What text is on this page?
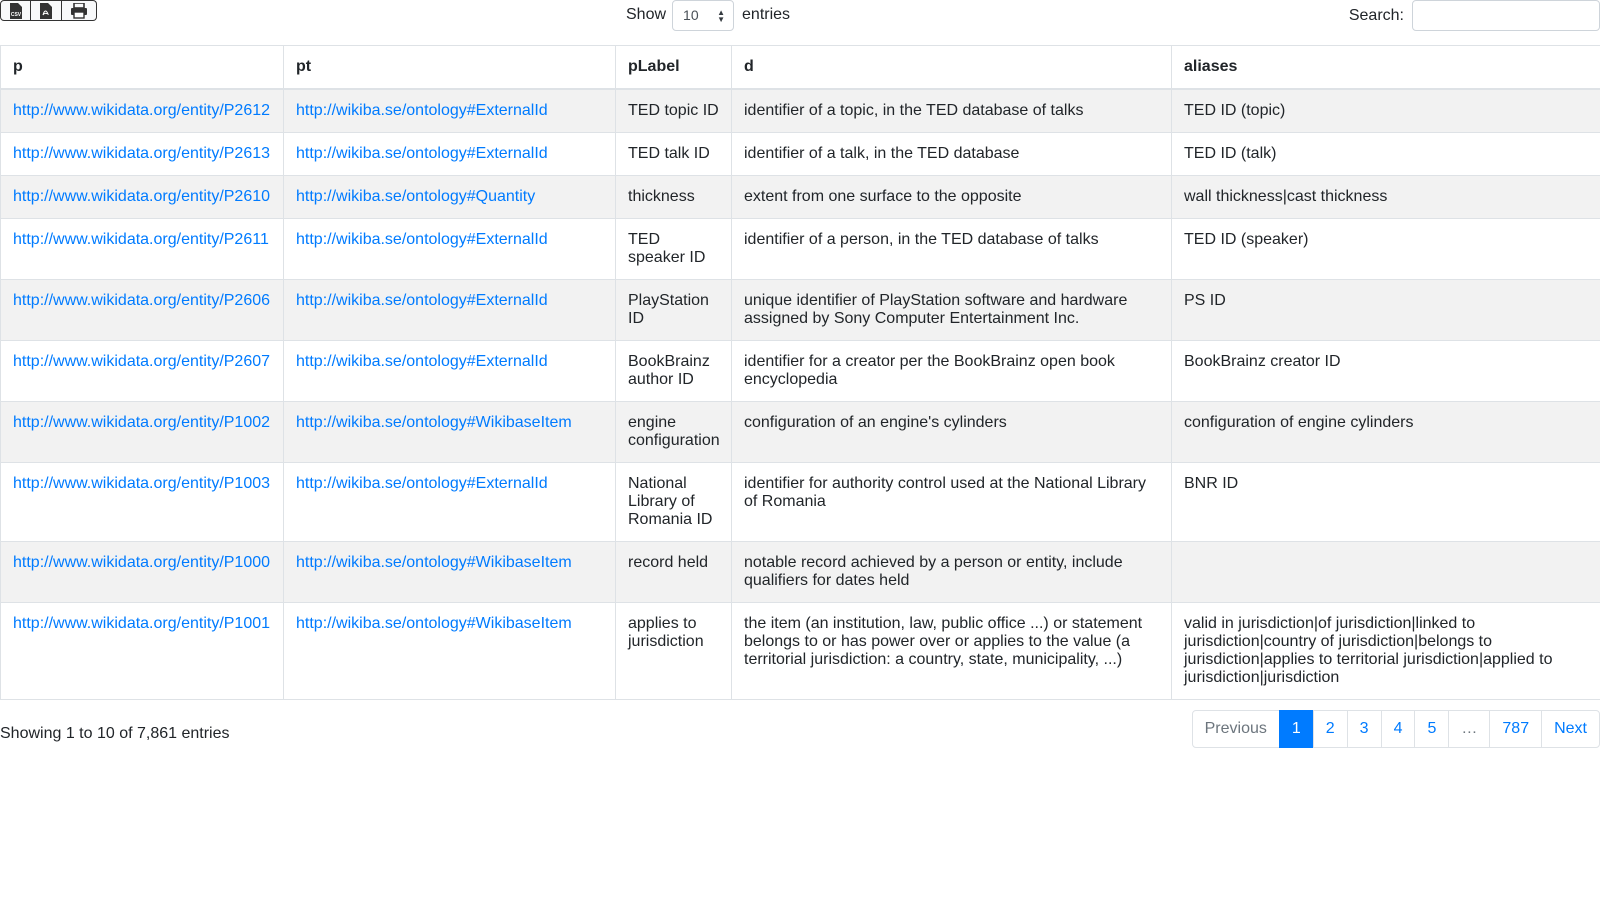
CSV	Show 10 ▲
▼ entries	Search:
p	pt	pLabel	d	aliases
http://www.wikidata.org/entity/P2612	http://wikiba.se/ontology#ExternalId	TED topic ID	identifier of a topic, in the TED database of talks	TED ID (topic)
http://www.wikidata.org/entity/P2613	http://wikiba.se/ontology#ExternalId	TED talk ID	identifier of a talk, in the TED database	TED ID (talk)
http://www.wikidata.org/entity/P2610	http://wikiba.se/ontology#Quantity	thickness	extent from one surface to the opposite	wall thickness|cast thickness
http://www.wikidata.org/entity/P2611	http://wikiba.se/ontology#ExternalId	TED speaker ID	identifier of a person, in the TED database of talks	TED ID (speaker)
http://www.wikidata.org/entity/P2606	http://wikiba.se/ontology#ExternalId	PlayStation ID	unique identifier of PlayStation software and hardware assigned by Sony Computer Entertainment Inc.	PS ID
http://www.wikidata.org/entity/P2607	http://wikiba.se/ontology#ExternalId	BookBrainz author ID	identifier for a creator per the BookBrainz open book encyclopedia	BookBrainz creator ID
http://www.wikidata.org/entity/P1002	http://wikiba.se/ontology#WikibaseItem	engine configuration	configuration of an engine's cylinders	configuration of engine cylinders
http://www.wikidata.org/entity/P1003	http://wikiba.se/ontology#ExternalId	National Library of Romania ID	identifier for authority control used at the National Library of Romania	BNR ID
http://www.wikidata.org/entity/P1000	http://wikiba.se/ontology#WikibaseItem	record held	notable record achieved by a person or entity, include qualifiers for dates held	
http://www.wikidata.org/entity/P1001	http://wikiba.se/ontology#WikibaseItem	applies to jurisdiction	the item (an institution, law, public office ...) or statement belongs to or has power over or applies to the value (a territorial jurisdiction: a country, state, municipality, ...)	valid in jurisdiction|of jurisdiction|linked to jurisdiction|country of jurisdiction|belongs to jurisdiction|applies to territorial jurisdiction|applied to jurisdiction|jurisdiction
Showing 1 to 10 of 7,861 entries	Previous	1	2	3	4	5	…	787	Next
